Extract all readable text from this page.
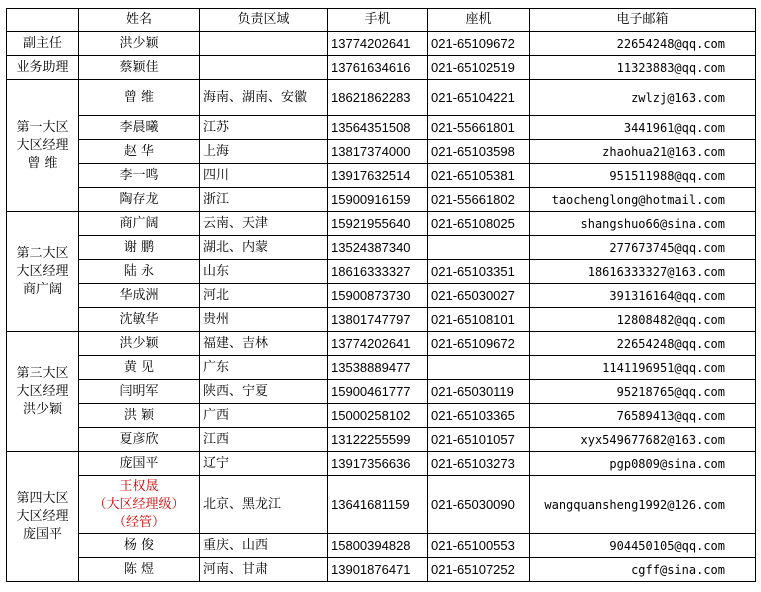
	姓名	负责区域	手机	座机	电子邮箱
副主任	洪少颖		13774202641	021-65109672	22654248@qq.com
业务助理	蔡颖佳		13761634616	021-65102519	11323883@qq.com

第一大区
大区经理
曾 维	曾 维	海南、湖南、安徽	18621862283	021-65104221	zwlzj@163.com
	李晨曦	江苏	13564351508	021-55661801	3441961@qq.com
	赵 华	上海	13817374000	021-65103598	zhaohua21@163.com
	李一鸣	四川	13917632514	021-65105381	951511988@qq.com
	陶存龙	浙江	15900916159	021-55661802	taochenglong@hotmail.com

第二大区
大区经理
商广阔	商广阔	云南、天津	15921955640	021-65108025	shangshuo66@sina.com
	谢 鹏	湖北、内蒙	13524387340		277673745@qq.com
	陆 永	山东	18616333327	021-65103351	18616333327@163.com
	华成洲	河北	15900873730	021-65030027	391316164@qq.com
	沈敏华	贵州	13801747797	021-65108101	12808482@qq.com

第三大区
大区经理
洪少颖	洪少颖	福建、吉林	13774202641	021-65109672	22654248@qq.com
	黄 见	广东	13538889477		1141196951@qq.com
	闫明军	陕西、宁夏	15900461777	021-65030119	95218765@qq.com
	洪 颖	广西	15000258102	021-65103365	76589413@qq.com
	夏彦欣	江西	13122255599	021-65101057	xyx549677682@163.com

第四大区
大区经理
庞国平	庞国平	辽宁	13917356636	021-65103273	pgp0809@sina.com

	王权晟
（大区经理级）
（经管）	北京、黑龙江	13641681159	021-65030090	wangquansheng1992@126.com
	杨 俊	重庆、山西	15800394828	021-65100553	904450105@qq.com
	陈 煜	河南、甘肃	13901876471	021-65107252	cgff@sina.com
